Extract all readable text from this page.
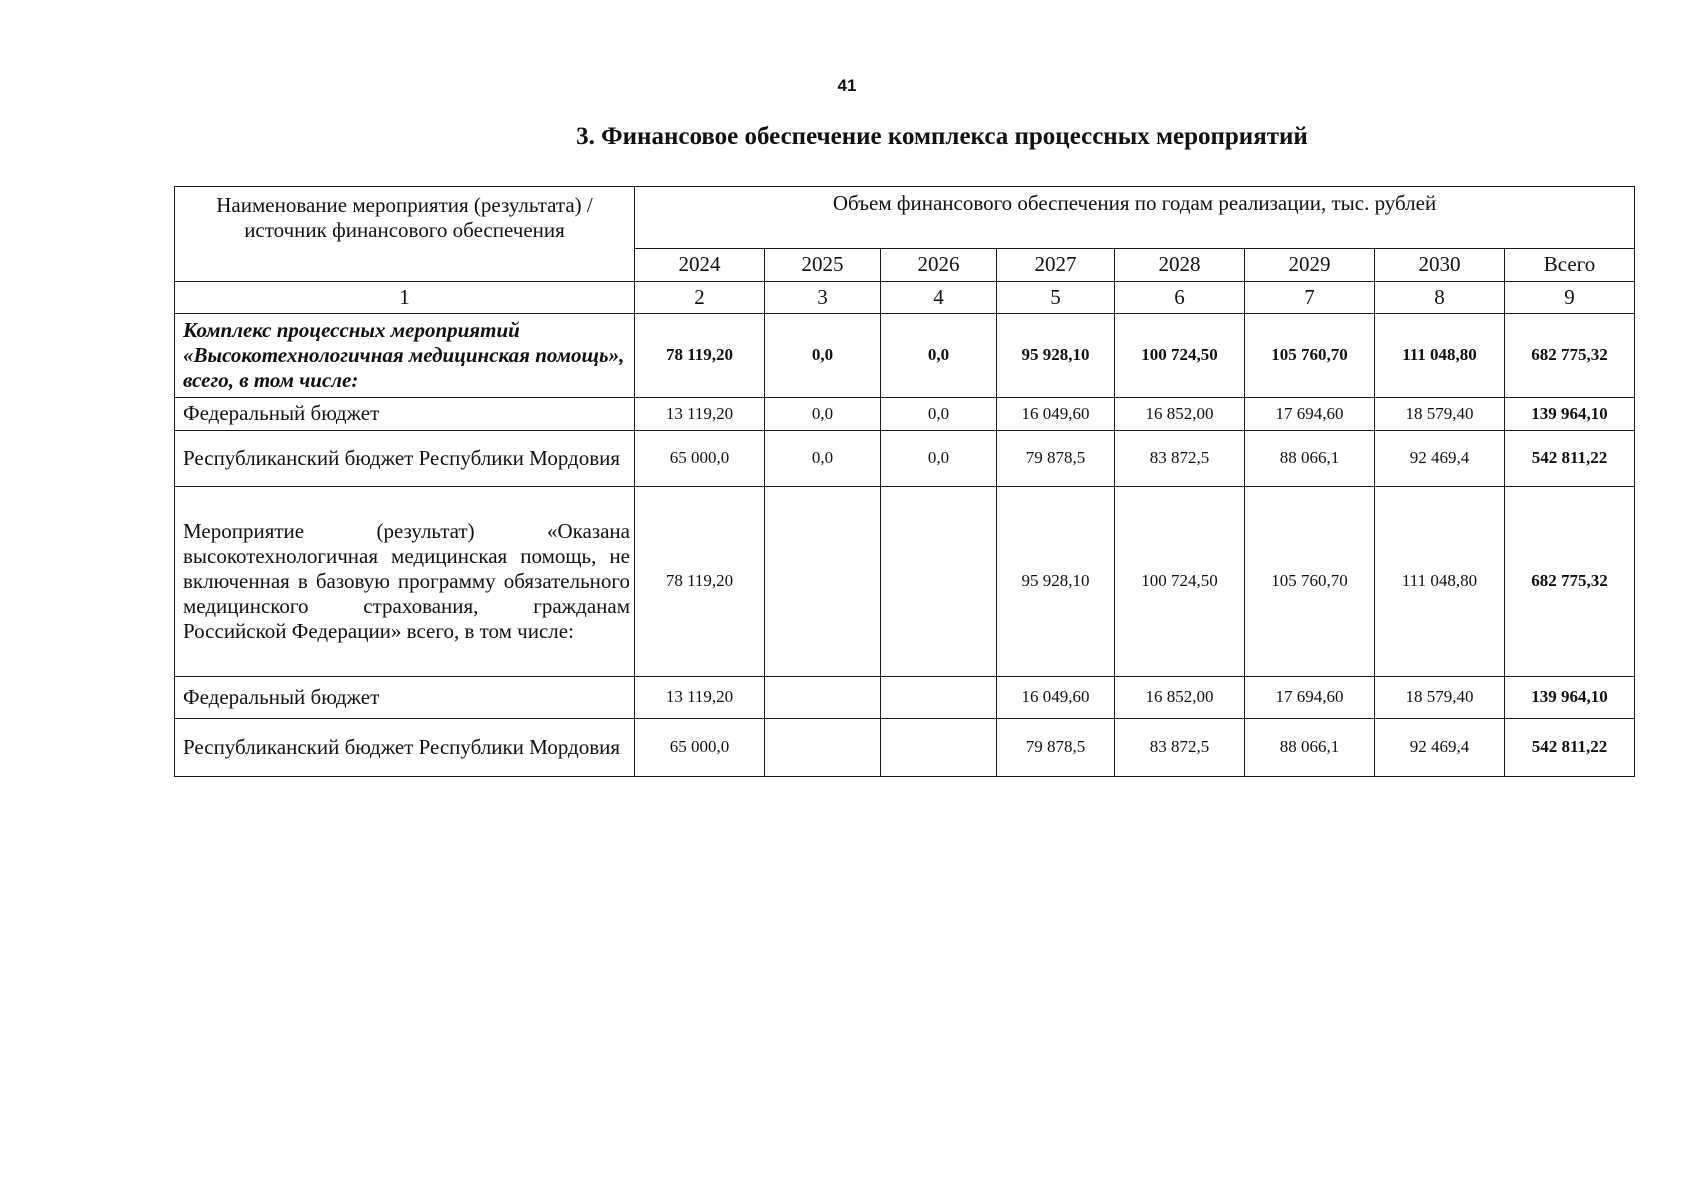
41
3. Финансовое обеспечение комплекса процессных мероприятий
Наименование мероприятия (результата) / источник финансового обеспечения	Объем финансового обеспечения по годам реализации, тыс. рублей							
	2024	2025	2026	2027	2028	2029	2030	Всего
1	2	3	4	5	6	7	8	9
Комплекс процессных мероприятий «Высокотехнологичная медицинская помощь», всего, в том числе:	78 119,20	0,0	0,0	95 928,10	100 724,50	105 760,70	111 048,80	682 775,32
Федеральный бюджет	13 119,20	0,0	0,0	16 049,60	16 852,00	17 694,60	18 579,40	139 964,10
Республиканский бюджет Республики Мордовия	65 000,0	0,0	0,0	79 878,5	83 872,5	88 066,1	92 469,4	542 811,22
Мероприятие (результат) «Оказана высокотехнологичная медицинская помощь, не включенная в базовую программу обязательного медицинского страхования, гражданам Российской Федерации» всего, в том числе:	78 119,20			95 928,10	100 724,50	105 760,70	111 048,80	682 775,32
Федеральный бюджет	13 119,20			16 049,60	16 852,00	17 694,60	18 579,40	139 964,10
Республиканский бюджет Республики Мордовия	65 000,0			79 878,5	83 872,5	88 066,1	92 469,4	542 811,22
